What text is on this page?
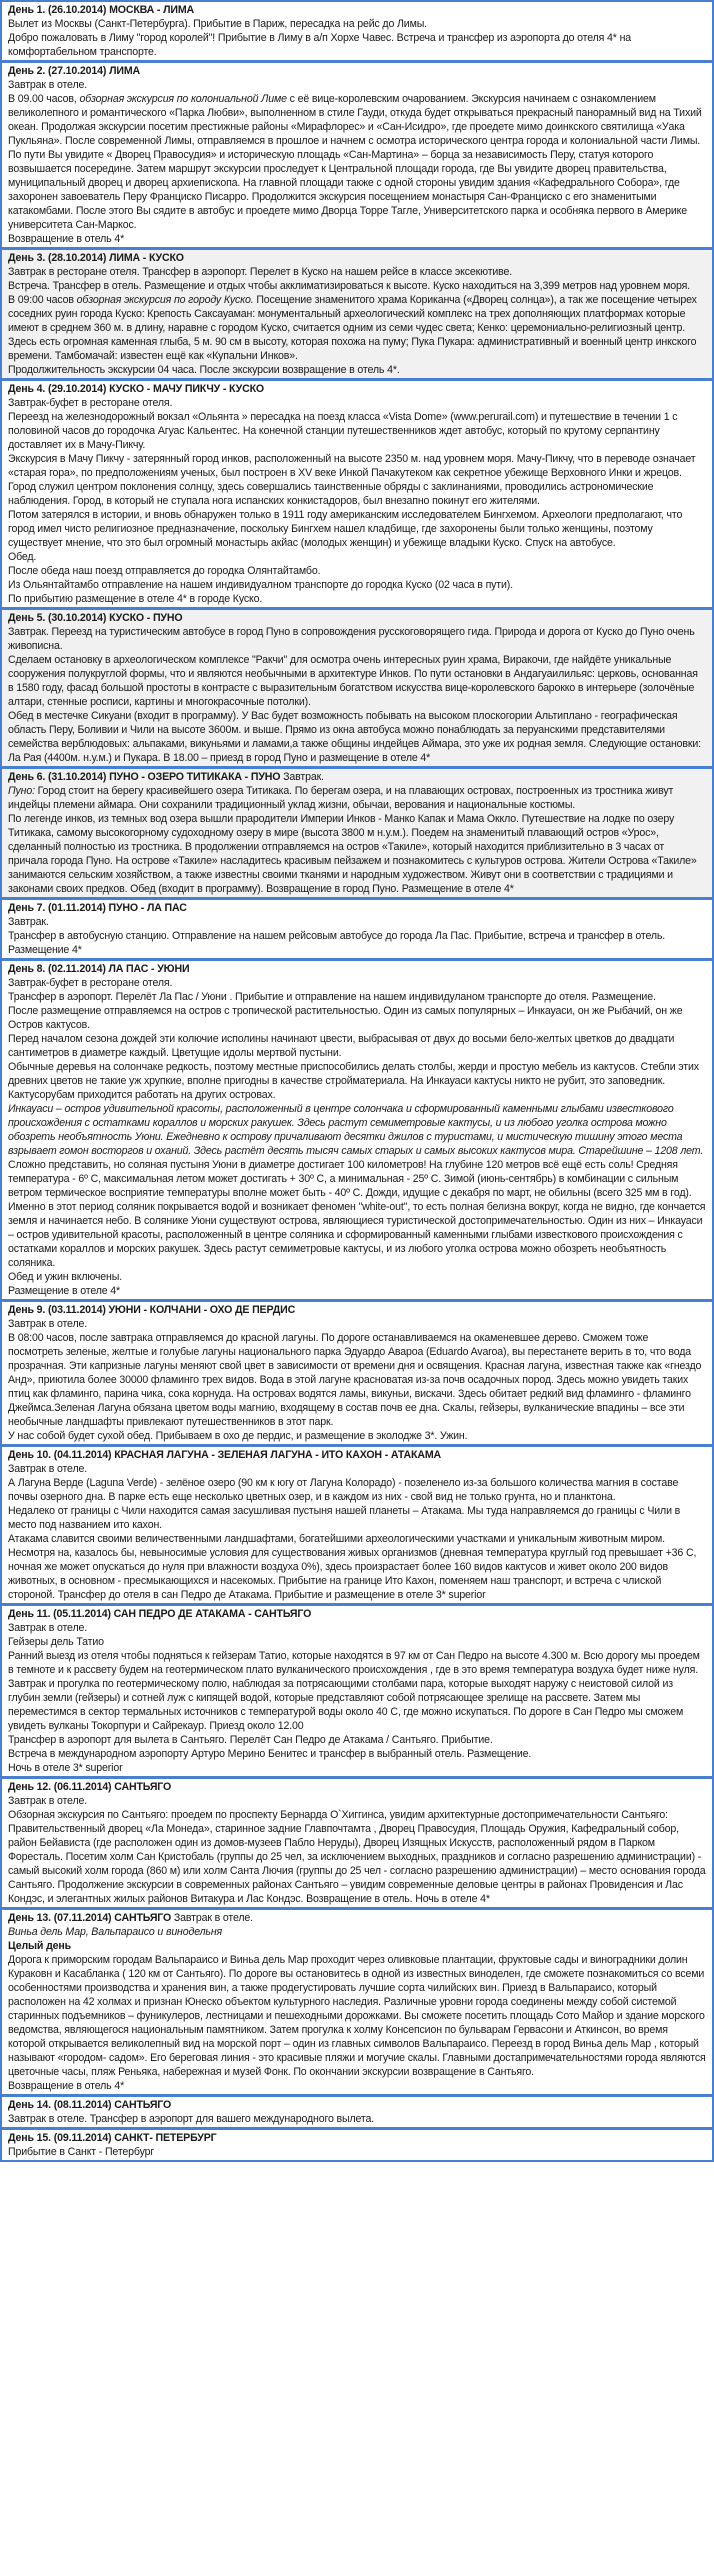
День 1. (26.10.2014) МОСКВА - ЛИМА
Вылет из Москвы (Санкт-Петербурга). Прибытие в Париж, пересадка на рейс до Лимы.
Добро пожаловать в Лиму "город королей"! Прибытие в Лиму в а/п Хорхе Чавес. Встреча и трансфер из аэропорта до отеля 4* на комфортабельном транспорте.
День 2. (27.10.2014) ЛИМА
Завтрак в отеле.
В 09.00 часов, обзорная экскурсия по колониальной Лиме с её вице-королевским очарованием. Экскурсия начинаем с ознакомлением великолепного и романтического «Парка Любви», выполненном в стиле Гауди, откуда будет открываться прекрасный панорамный вид на Тихий океан. Продолжая экскурсии посетим престижные районы «Мирафлорес» и «Сан-Исидро», где проедете мимо доинкского святилища «Уака Пукльяна». После современной Лимы, отправляемся в прошлое и начнем с осмотра исторического центра города и колониальной части Лимы. По пути Вы увидите « Дворец Правосудия» и историческую площадь «Сан-Мартина» – борца за независимость Перу, статуя которого возвышается посередине. Затем маршрут экскурсии проследует к Центральной площади города, где Вы увидите дворец правительства, муниципальный дворец и дворец архиепископа. На главной площади также с одной стороны увидим здания «Кафедрального Собора», где захоронен завоеватель Перу Франциско Писарро. Продолжится экскурсия посещением монастыря Сан-Франциско с его знаменитыми катакомбами. После этого Вы сядите в автобус и проедете мимо Дворца Торре Тагле, Университетского парка и особняка первого в Америке университета Сан-Маркос.
Возвращение в отель 4*
День 3. (28.10.2014) ЛИМА - КУСКО
Завтрак в ресторане отеля. Трансфер в аэропорт. Перелет в Куско на нашем рейсе в классе эксекютиве.
Встреча. Трансфер в отель. Размещение и отдых чтобы акклиматизироваться к высоте. Куско находиться на 3,399 метров над уровнем моря.
В 09:00 часов обзорная экскурсия по городу Куско. Посещение знаменитого храма Кориканча («Дворец солнца»), а так же посещение четырех соседних руин города Куско: Крепость Саксауаман: монументальный археологический комплекс на трех дополняющих платформах которые имеют в среднем 360 м. в длину, наравне с городом Куско, считается одним из семи чудес света; Кенко: церемониально-религиозный центр. Здесь есть огромная каменная глыба, 5 м. 90 см в высоту, которая похожа на пуму; Пука Пукара: административный и военный центр инкского времени. Тамбомачай: известен ещё как «Купальни Инков».
Продолжительность экскурсии 04 часа. После экскурсии возвращение в отель 4*.
День 4. (29.10.2014) КУСКО - МАЧУ ПИКЧУ - КУСКО
Завтрак-буфет в ресторане отеля.
Переезд на железнодорожный вокзал «Ольянта » пересадка на поезд класса «Vista Dome» (www.perurail.com) и путешествие в течении 1 с половиной часов до городочка Агуас Кальентес. На конечной станции путешественников ждет автобус, который по крутому серпантину доставляет их в Мачу-Пикчу.
Экскурсия в Мачу Пикчу - затерянный город инков, расположенный на высоте 2350 м. над уровнем моря. Мачу-Пикчу, что в переводе означает «старая гора», по предположениям ученых, был построен в XV веке Инкой Пачакутеком как секретное убежище Верховного Инки и жрецов. Город служил центром поклонения солнцу, здесь совершались таинственные обряды с заклинаниями, проводились астрономические наблюдения. Город, в который не ступала нога испанских конкистадоров, был внезапно покинут его жителями.
Потом затерялся в истории, и вновь обнаружен только в 1911 году американским исследователем Бингхемом. Археологи предполагают, что город имел чисто религиозное предназначение, поскольку Бингхем нашел кладбище, где захоронены были только женщины, поэтому существует мнение, что это был огромный монастырь акйас (молодых женщин) и убежище владыки Куско. Спуск на автобусе.
Обед.
После обеда наш поезд отправляется до городка Олянтайтамбо.
Из Ольянтайтамбо отправление на нашем индивидуалном транспорте до городка Куско (02 часа в пути).
По прибытию размещение в отеле 4* в городе Куско.
День 5. (30.10.2014) КУСКО - ПУНО
Завтрак. Переезд на туристическим автобусе в город Пуно в сопровождения русскоговорящего гида. Природа и дорога от Куско до Пуно очень живописна.
Сделаем остановку в археологическом комплексе "Ракчи" для осмотра очень интересных руин храма, Виракочи, где найдёте уникальные сооружения полукруглой формы, что и являются необычными в архитектуре Инков. По пути остановки в Андагуаилильяс: церковь, основанная в 1580 году, фасад большой простоты в контрасте с выразительным богатством искусства вице-королевского барокко в интерьере (золочёные алтари, стенные росписи, картины и многокрасочные потолки).
Обед в местечке Сикуани (входит в программу). У Вас будет возможность побывать на высоком плоскогории Альтиплано - географическая область Перу, Боливии и Чили на высоте 3600м. и выше. Прямо из окна автобуса можно понаблюдать за перуанскими представителями семейства верблюдовых: альпаками, викуньями и ламами,а также общины индейцев Аймара, это уже их родная земля. Следующие остановки: Ла Рая (4400м. н.у.м.) и Пукара. В 18.00 – приезд в город Пуно и размещение в отеле 4*
День 6. (31.10.2014) ПУНО - ОЗЕРО ТИТИКАКА - ПУНО Завтрак.
Пуно: Город стоит на берегу красивейшего озера Титикака. По берегам озера, и на плавающих островах, построенных из тростника живут индейцы племени аймара. Они сохранили традиционный уклад жизни, обычаи, верования и национальные костюмы.
По легенде инков, из темных вод озера вышли прародители Империи Инков - Манко Капак и Мама Оккло. Путешествие на лодке по озеру Титикака, самому высокогорному судоходному озеру в мире (высота 3800 м н.у.м.). Поедем на знаменитый плавающий остров «Урос», сделанный полностью из тростника. В продолжении отправляемся на остров «Такиле», который находится приблизительно в 3 часах от причала города Пуно. На острове «Такиле» насладитесь красивым пейзажем и познакомитесь с культуров острова. Жители Острова «Такиле» занимаются сельским хозяйством, а также известны своими тканями и народным художеством. Живут они в соответствии с традициями и законами своих предков. Обед (входит в программу). Возвращение в город Пуно. Размещение в отеле 4*
День 7. (01.11.2014) ПУНО - ЛА ПАС
Завтрак.
Трансфер в автобусную станцию. Отправление на нашем рейсовым автобусе до города Ла Пас. Прибытие, встреча и трансфер в отель. Размещение 4*
День 8. (02.11.2014) ЛА ПАС - УЮНИ
Завтрак-буфет в ресторане отеля.
Трансфер в аэропорт. Перелёт Ла Пас / Уюни . Прибытие и отправление на нашем индивидуланом транспорте до отеля. Размещение.
После размещение отправляемся на остров с тропической растительностью. Один из самых популярных – Инкауаси, он же Рыбачий, он же Остров кактусов.
Перед началом сезона дождей эти колючие исполины начинают цвести, выбрасывая от двух до восьми бело-желтых цветков до двадцати сантиметров в диаметре каждый. Цветущие идолы мертвой пустыни.
Обычные деревья на солончаке редкость, поэтому местные приспособились делать столбы, жерди и простую мебель из кактусов. Стебли этих древних цветов не такие уж хрупкие, вполне пригодны в качестве стройматериала. На Инкауаси кактусы никто не рубит, это заповедник. Кактусорубам приходится работать на других островах.
Инкауаси – остров удивительной красоты, расположенный в центре солончака и сформированный каменными глыбами известкового происхождения с остатками кораллов и морских ракушек. Здесь растут семиметровые кактусы, и из любого уголка острова можно обозреть необъятность Уюни. Ежедневно к острову причаливают десятки джилов с туристами, и мистическую тишину этого места взрывает гомон восторгов и оханий. Здесь растёт десять тысяч самых старых и самых высоких кактусов мира. Старейшине – 1208 лет.
Сложно представить, но соляная пустыня Уюни в диаметре достигает 100 километров! На глубине 120 метров всё ещё есть соль! Средняя температура - 6º С, максимальная летом может достигать + 30º С, а минимальная - 25º С. Зимой (июнь-сентябрь) в комбинации с сильным ветром термическое восприятие температуры вполне может быть - 40º С. Дожди, идущие с декабря по март, не обильны (всего 325 мм в год). Именно в этот период соляник покрывается водой и возникает феномен "white-out", то есть полная белизна вокруг, когда не видно, где кончается земля и начинается небо. В солянике Уюни существуют острова, являющиеся туристической достопримечательностью. Один из них – Инкауаси – остров удивительной красоты, расположенный в центре соляника и сформированный каменными глыбами известкового происхождения с остатками кораллов и морских ракушек. Здесь растут семиметровые кактусы, и из любого уголка острова можно обозреть необъятность соляника.
Обед и ужин включены.
Размещение в отеле 4*
День 9. (03.11.2014) УЮНИ - КОЛЧАНИ - ОХО ДЕ ПЕРДИС
Завтрак в отеле.
В 08:00 часов, после завтрака отправляемся до красной лагуны. По дороге останавливаемся на окаменевшее дерево. Сможем тоже посмотреть зеленые, желтые и голубые лагуны национального парка Эдуардо Авароа (Eduardo Avaroa), вы перестанете верить в то, что вода прозрачная. Эти капризные лагуны меняют свой цвет в зависимости от времени дня и освящения. Красная лагуна, известная также как «гнездо Анд», приютила более 30000 фламинго трех видов. Вода в этой лагуне красноватая из-за почв осадочных пород. Здесь можно увидеть таких птиц как фламинго, парина чика, сока корнуда. На островах водятся ламы, викуньи, вискачи. Здесь обитает редкий вид фламинго - фламинго Джеймса.Зеленая Лагуна обязана цветом воды магнию, входящему в состав почв ее дна. Скалы, гейзеры, вулканические впадины – все эти необычные ландшафты привлекают путешественников в этот парк.
У нас собой будет сухой обед. Прибываем в охо де пердис, и размещение в эколодже 3*. Ужин.
День 10. (04.11.2014) КРАСНАЯ ЛАГУНА - ЗЕЛЕНАЯ ЛАГУНА - ИТО КАХОН - АТАКАМА
Завтрак в отеле.
А Лагуна Верде (Laguna Verde) - зелёное озеро (90 км к югу от Лагуна Колорадо) - позеленело из-за большого количества магния в составе почвы озерного дна. В парке есть еще несколько цветных озер, и в каждом из них - свой вид не только грунта, но и планктона.
Недалеко от границы с Чили находится самая засушливая пустыня нашей планеты – Атакама. Мы туда направляемся до границы с Чили в место под названием ито кахон.
Атакама славится своими величественными ландшафтами, богатейшими археологическими участками и уникальным животным миром. Несмотря на, казалось бы, невыносимые условия для существования живых организмов (дневная температура круглый год превышает +36 С, ночная же может опускаться до нуля при влажности воздуха 0%), здесь произрастает более 160 видов кактусов и живет около 200 видов животных, в основном - пресмыкающихся и насекомых. Прибытие на границе Ито Кахон, поменяем наш транспорт, и встреча с члиской стороной. Трансфер до отеля в сан Педро де Атакама. Прибытие и размещение в отеле 3* superior
День 11. (05.11.2014) САН ПЕДРО ДЕ АТАКАМА - САНТЬЯГО
Завтрак в отеле.
Гейзеры дель Татио
Ранний выезд из отеля чтобы подняться к гейзерам Татио, которые находятся в 97 км от Сан Педро на высоте 4.300 м. Всю дорогу мы проедем в темноте и к рассвету будем на геотермическом плато вулканического происхождения , где в это время температура воздуха будет ниже нуля. Завтрак и прогулка по геотермическому полю, наблюдая за потрясающими столбами пара, которые выходят наружу с неистовой силой из глубин земли (гейзеры) и сотней луж с кипящей водой, которые представляют собой потрясающее зрелище на рассвете. Затем мы переместимся в сектор термальных источников с температурой воды около 40 С, где можно искупаться. По дороге в Сан Педро мы сможем увидеть вулканы Токорпури и Сайрекаур. Приезд около 12.00
Трансфер в аэропорт для вылета в Сантьяго. Перелёт Сан Педро де Атакама / Сантьяго. Прибытие.
Встреча в международном аэропорту Артуро Мерино Бенитес и трансфер в выбранный отель. Размещение.
Ночь в отеле 3* superior
День 12. (06.11.2014) САНТЬЯГО
Завтрак в отеле.
Обзорная экскурсия по Сантьяго: проедем по проспекту Бернарда О`Хиггинса, увидим архитектурные достопримечательности Сантьяго: Правительственный дворец «Ла Монеда», старинное задние Главпочтамта , Дворец Правосудия, Площадь Оружия, Кафедральный собор, район Бейависта (где расположен один из домов-музеев Пабло Неруды), Дворец Изящных Искусств, расположенный рядом в Парком Фoресталь. Посетим холм Сан Кристобаль (группы до 25 чел, за исключением выходных, праздников и согласно разрешению администрации) - самый высокий холм города (860 м) или холм Санта Лючия (группы до 25 чел - согласно разрешению администрации) – место основания города Сантьяго. Продолжение экскурсии в современных районах Сантьяго – увидим современные деловые центры в районах Провиденсия и Лас Кондэс, и элегантных жилых районов Витакура и Лас Кондэс. Возвращение в отель. Ночь в отеле 4*
День 13. (07.11.2014) САНТЬЯГО Завтрак в отеле.
Виньа дель Мар, Вальпараисо и винодельня
Целый день
Дорога к приморским городам Вальпараисо и Виньа дель Мар проходит через оливковые плантации, фруктовые сады и виноградники долин Кураковн и Касабланка ( 120 км от Сантьяго). По дороге вы остановитесь в одной из известных виноделен, где сможете познакомиться со всеми особенностями производства и хранения вин, а также продегустировать лучшие сорта чилийских вин. Приезд в Вальпараисо, который расположен на 42 холмах и признан Юнеско объектом культурного наследия. Различные уровни города соединены между собой системой старинных подъемников – фуникулеров, лестницами и пешеходными дорожками. Вы сможете посетить площадь Сото Майор и здание морского ведомства, являющегося национальным памятником. Затем прогулка к холму Консепсион по бульварам Гервасони и Аткинсон, во время которой открывается великолепный вид на морской порт – один из главных символов Вальпараисо. Переезд в город Виньа дель Мар , который называют «городом- садом». Его береговая линия - это красивые пляжи и могучие скалы. Главными достапримечательностями города являются цветочные часы, пляж Реньяка, набережная и музей Фонк. По окончании экскурсии возвращение в Сантьяго.
Возвращение в отель 4*
День 14. (08.11.2014) САНТЬЯГО
Завтрак в отеле. Трансфер в аэропорт для вашего международного вылета.
День 15. (09.11.2014) САНКТ- ПЕТЕРБУРГ
Прибытие в Санкт - Петербург
